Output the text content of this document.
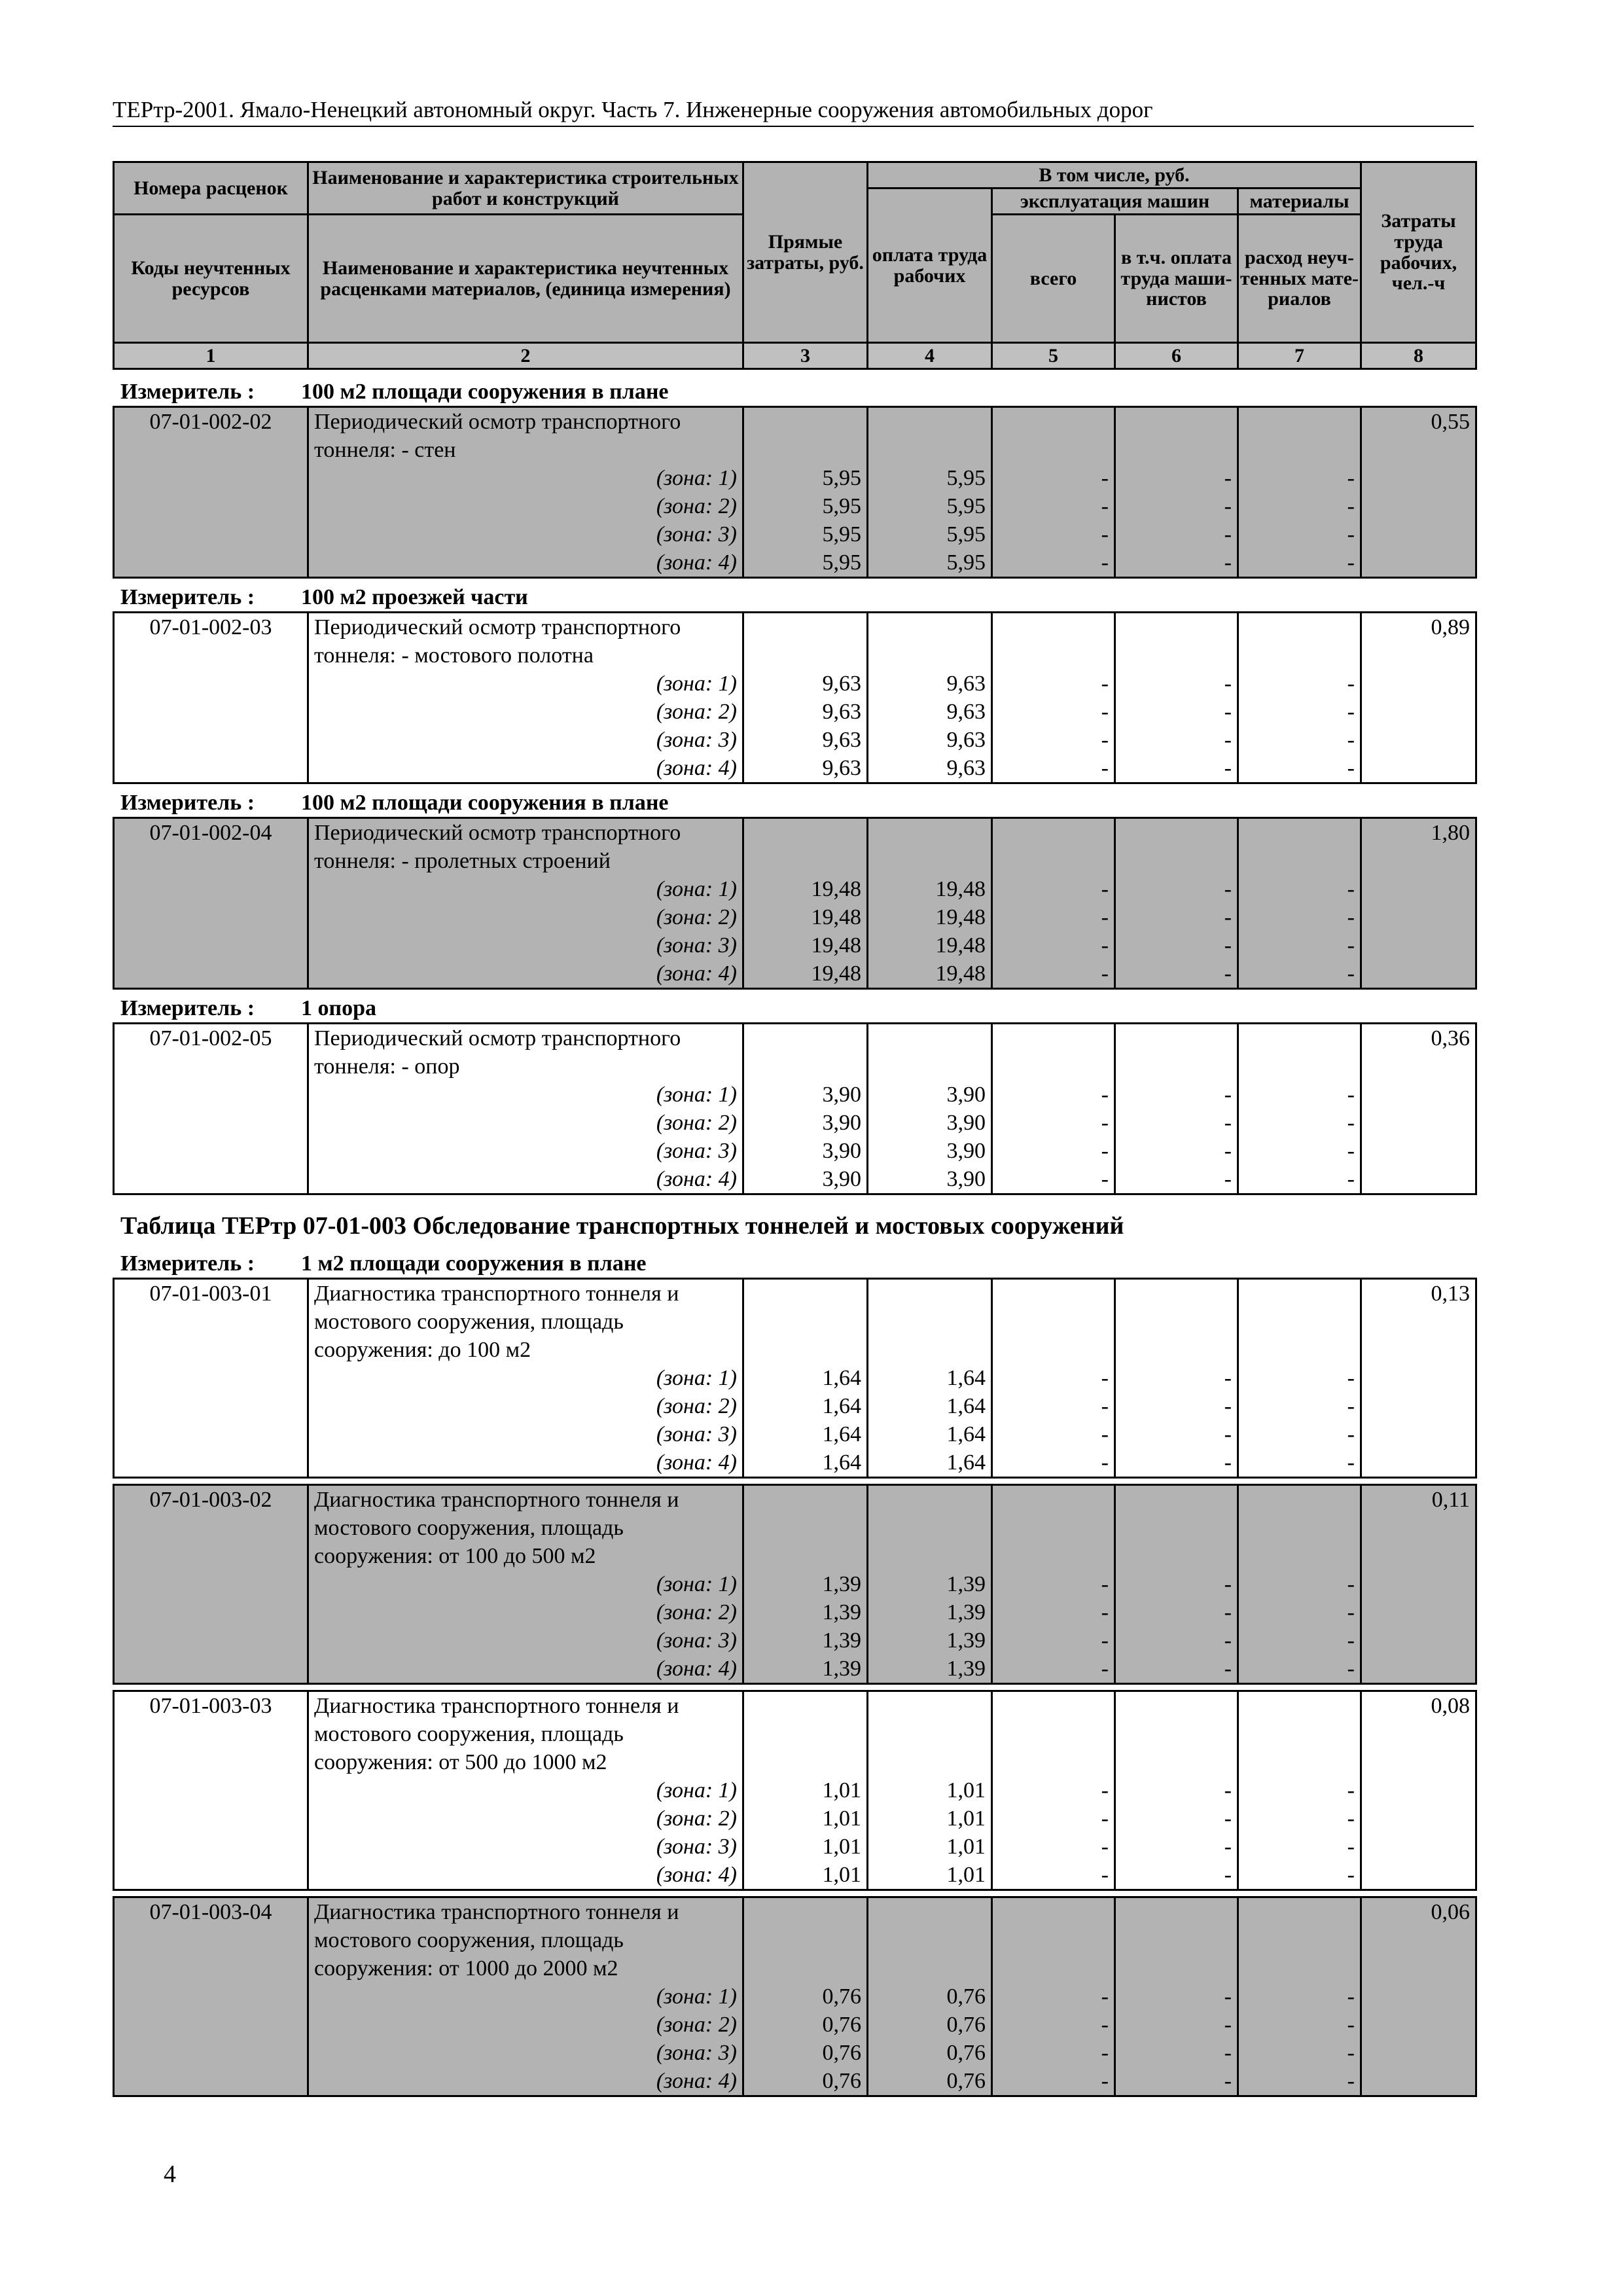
ТЕРтр-2001. Ямало-Ненецкий автономный округ. Часть 7. Инженерные сооружения автомобильных дорог
Номера расценок	Наименование и характеристика строительных работ и конструкций	Прямые затраты, руб.	В том числе, руб.				Затраты труда рабочих, чел.-ч
			оплата труда рабочих	эксплуатация машин		материалы	
Коды неучтенных ресурсов	Наименование и характеристика неучтенных расценками материалов, (единица измерения)			всего	в т.ч. оплата труда маши-нистов	расход неуч-тенных мате-риалов	
1	2	3	4	5	6	7	8
Измеритель : 100 м2 площади сооружения в плане
07-01-002-02	Периодический осмотр транспортного						0,55
	тоннеля: - стен						
	(зона: 1)	5,95	5,95	-	-	-	
	(зона: 2)	5,95	5,95	-	-	-	
	(зона: 3)	5,95	5,95	-	-	-	
	(зона: 4)	5,95	5,95	-	-	-	
Измеритель : 100 м2 проезжей части
07-01-002-03	Периодический осмотр транспортного						0,89
	тоннеля: - мостового полотна						
	(зона: 1)	9,63	9,63	-	-	-	
	(зона: 2)	9,63	9,63	-	-	-	
	(зона: 3)	9,63	9,63	-	-	-	
	(зона: 4)	9,63	9,63	-	-	-	
Измеритель : 100 м2 площади сооружения в плане
07-01-002-04	Периодический осмотр транспортного						1,80
	тоннеля: - пролетных строений						
	(зона: 1)	19,48	19,48	-	-	-	
	(зона: 2)	19,48	19,48	-	-	-	
	(зона: 3)	19,48	19,48	-	-	-	
	(зона: 4)	19,48	19,48	-	-	-	
Измеритель : 1 опора
07-01-002-05	Периодический осмотр транспортного						0,36
	тоннеля: - опор						
	(зона: 1)	3,90	3,90	-	-	-	
	(зона: 2)	3,90	3,90	-	-	-	
	(зона: 3)	3,90	3,90	-	-	-	
	(зона: 4)	3,90	3,90	-	-	-	
Таблица ТЕРтр 07-01-003 Обследование транспортных тоннелей и мостовых сооружений
Измеритель : 1 м2 площади сооружения в плане
07-01-003-01	Диагностика транспортного тоннеля и						0,13
	мостового сооружения, площадь						
	сооружения: до 100 м2						
	(зона: 1)	1,64	1,64	-	-	-	
	(зона: 2)	1,64	1,64	-	-	-	
	(зона: 3)	1,64	1,64	-	-	-	
	(зона: 4)	1,64	1,64	-	-	-	
07-01-003-02	Диагностика транспортного тоннеля и						0,11
	мостового сооружения, площадь						
	сооружения: от 100 до 500 м2						
	(зона: 1)	1,39	1,39	-	-	-	
	(зона: 2)	1,39	1,39	-	-	-	
	(зона: 3)	1,39	1,39	-	-	-	
	(зона: 4)	1,39	1,39	-	-	-	
07-01-003-03	Диагностика транспортного тоннеля и						0,08
	мостового сооружения, площадь						
	сооружения: от 500 до 1000 м2						
	(зона: 1)	1,01	1,01	-	-	-	
	(зона: 2)	1,01	1,01	-	-	-	
	(зона: 3)	1,01	1,01	-	-	-	
	(зона: 4)	1,01	1,01	-	-	-	
07-01-003-04	Диагностика транспортного тоннеля и						0,06
	мостового сооружения, площадь						
	сооружения: от 1000 до 2000 м2						
	(зона: 1)	0,76	0,76	-	-	-	
	(зона: 2)	0,76	0,76	-	-	-	
	(зона: 3)	0,76	0,76	-	-	-	
	(зона: 4)	0,76	0,76	-	-	-	
4
